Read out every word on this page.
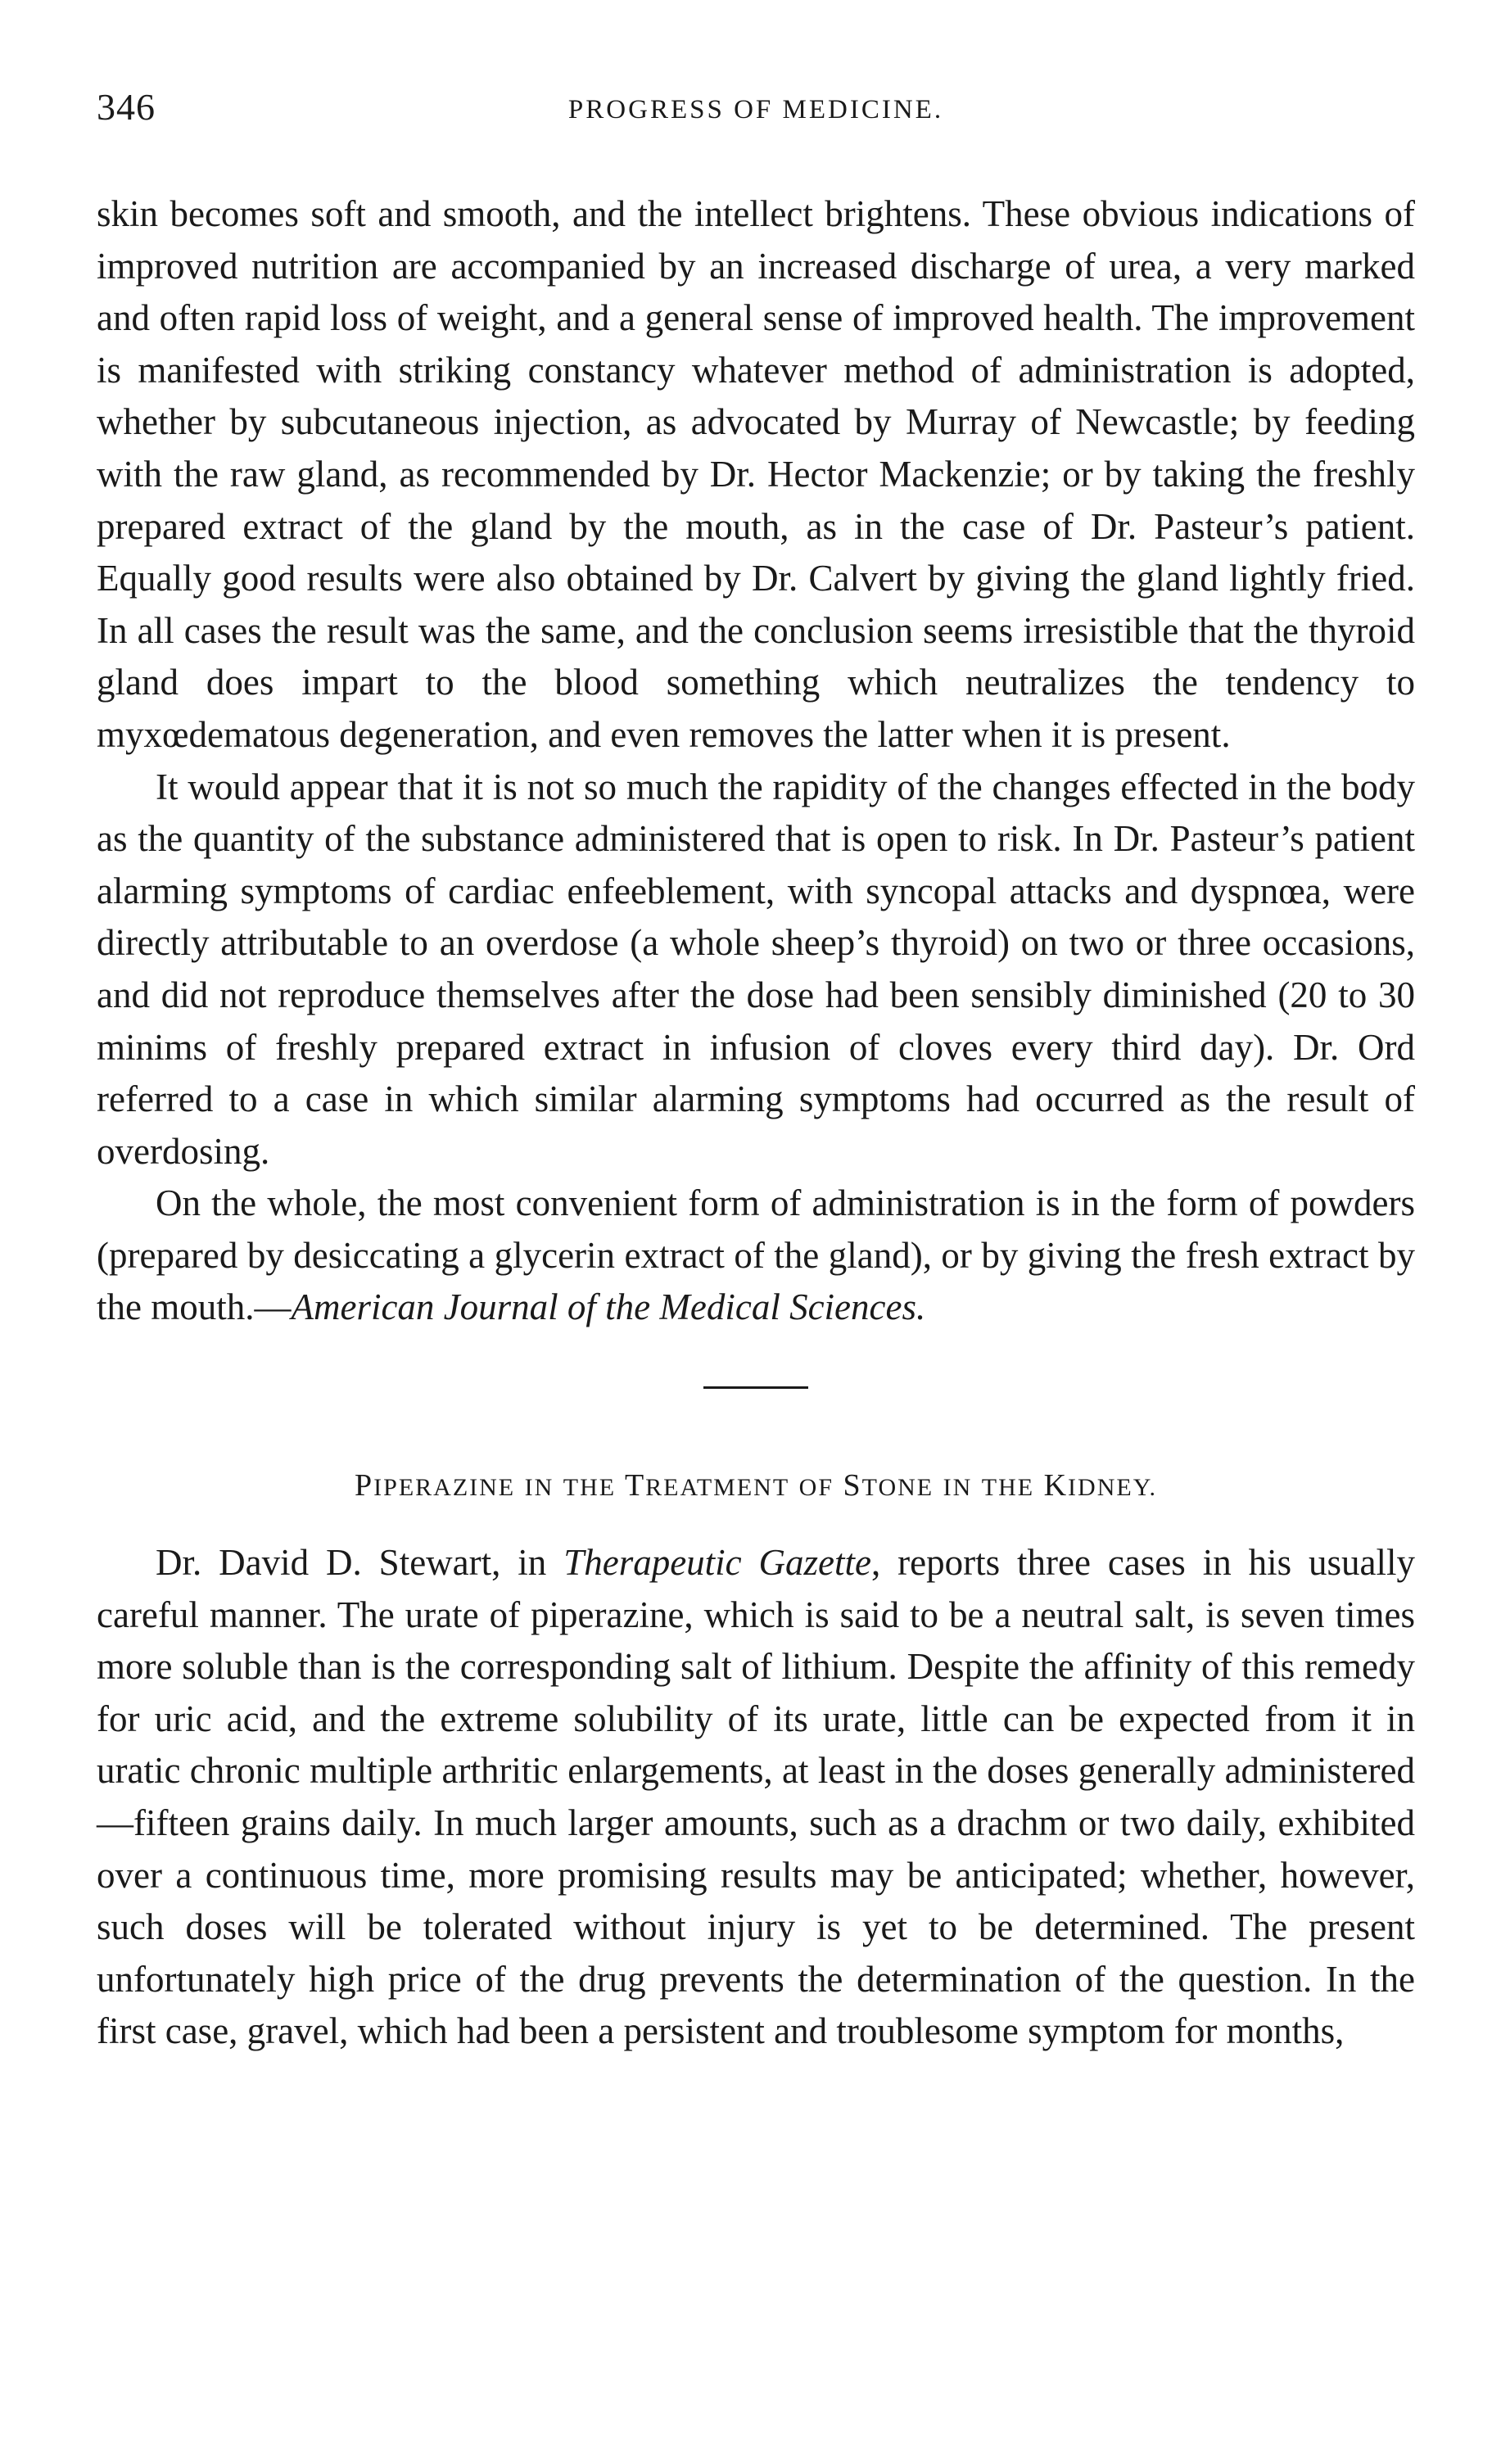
346	PROGRESS OF MEDICINE.

skin becomes soft and smooth, and the intellect brightens. These obvious indications of improved nutrition are accompanied by an increased discharge of urea, a very marked and often rapid loss of weight, and a general sense of improved health. The improvement is manifested with striking constancy whatever method of administration is adopted, whether by subcutaneous injection, as advocated by Murray of Newcastle; by feeding with the raw gland, as recommended by Dr. Hector Mackenzie; or by taking the freshly prepared extract of the gland by the mouth, as in the case of Dr. Pasteur’s patient. Equally good results were also obtained by Dr. Calvert by giving the gland lightly fried. In all cases the result was the same, and the conclusion seems irresistible that the thyroid gland does impart to the blood something which neutralizes the tendency to myxœdematous degeneration, and even removes the latter when it is present.

It would appear that it is not so much the rapidity of the changes effected in the body as the quantity of the substance administered that is open to risk. In Dr. Pasteur’s patient alarming symptoms of cardiac enfeeblement, with syncopal attacks and dyspnœa, were directly attributable to an overdose (a whole sheep’s thyroid) on two or three occasions, and did not reproduce themselves after the dose had been sensibly diminished (20 to 30 minims of freshly prepared extract in infusion of cloves every third day). Dr. Ord referred to a case in which similar alarming symptoms had occurred as the result of overdosing.

On the whole, the most convenient form of administration is in the form of powders (prepared by desiccating a glycerin extract of the gland), or by giving the fresh extract by the mouth.—American Journal of the Medical Sciences.

PIPERAZINE IN THE TREATMENT OF STONE IN THE KIDNEY.

Dr. David D. Stewart, in Therapeutic Gazette, reports three cases in his usually careful manner. The urate of piperazine, which is said to be a neutral salt, is seven times more soluble than is the corresponding salt of lithium. Despite the affinity of this remedy for uric acid, and the extreme solubility of its urate, little can be expected from it in uratic chronic multiple arthritic enlargements, at least in the doses generally administered—fifteen grains daily. In much larger amounts, such as a drachm or two daily, exhibited over a continuous time, more promising results may be anticipated; whether, however, such doses will be tolerated without injury is yet to be determined. The present unfortunately high price of the drug prevents the determination of the question. In the first case, gravel, which had been a persistent and troublesome symptom for months,
